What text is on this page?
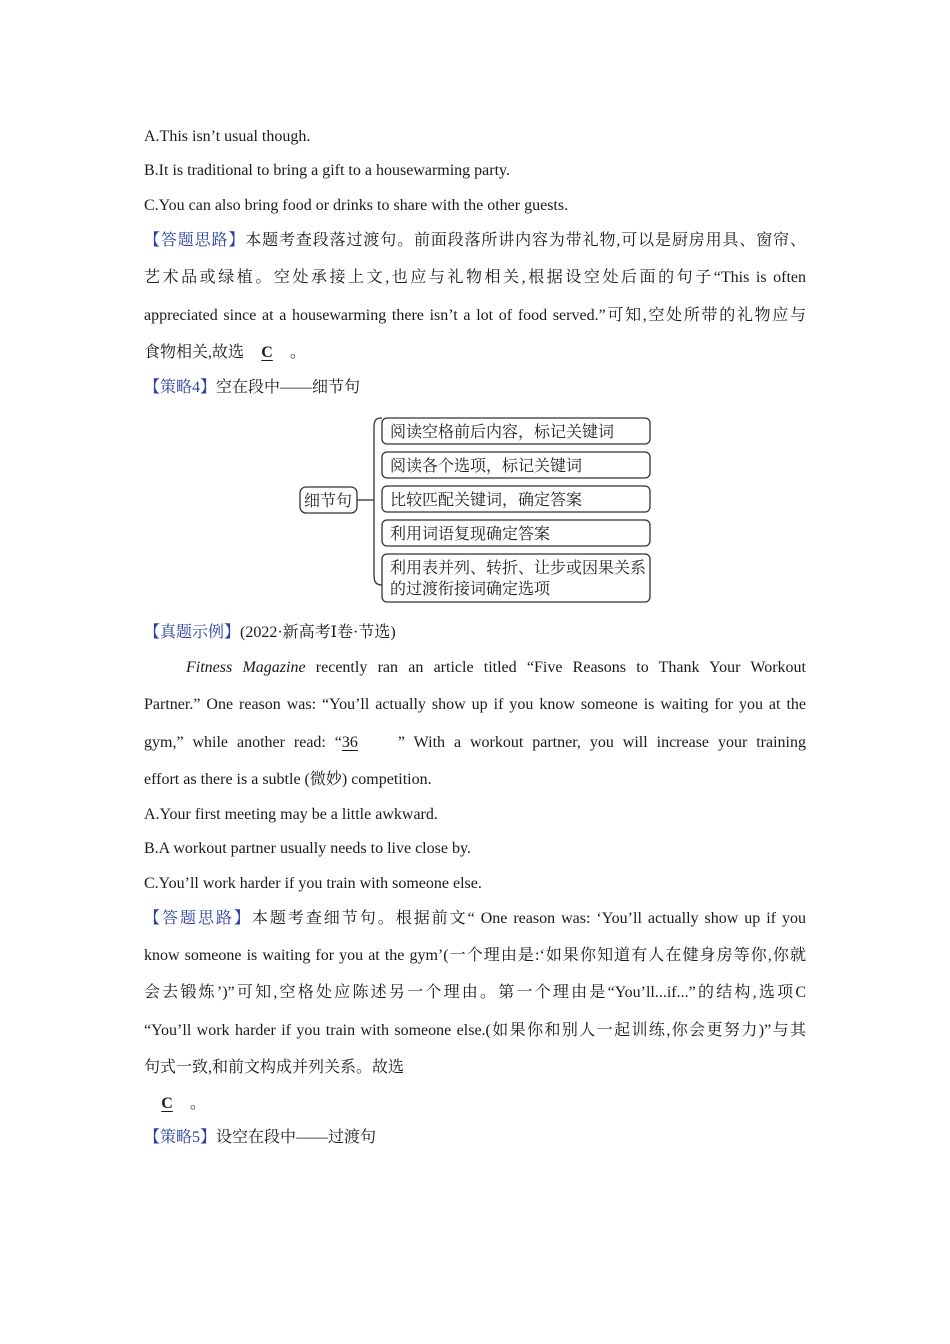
A.This isn’t usual though.
B.It is traditional to bring a gift to a housewarming party.
C.You can also bring food or drinks to share with the other guests.
【答题思路】本题考查段落过渡句。前面段落所讲内容为带礼物,可以是厨房用具、窗帘、
艺术品或绿植。空处承接上文,也应与礼物相关,根据设空处后面的句子“This is often
appreciated since at a housewarming there isn’t a lot of food served.”可知,空处所带的礼物应与
食物相关,故选 C 。
【策略4】空在段中——细节句
细节句
阅读空格前后内容，标记关键词
阅读各个选项，标记关键词
比较匹配关键词，确定答案
利用词语复现确定答案
利用表并列、转折、让步或因果关系
的过渡衔接词确定选项
【真题示例】(2022·新高考Ⅰ卷·节选)
Fitness Magazine recently ran an article titled “Five Reasons to Thank Your Workout
Partner.” One reason was: “You’ll actually show up if you know someone is waiting for you at the
gym,” while another read: “36	” With a workout partner, you will increase your training
effort as there is a subtle (微妙) competition.
A.Your first meeting may be a little awkward.
B.A workout partner usually needs to live close by.
C.You’ll work harder if you train with someone else.
【答题思路】本题考查细节句。根据前文“ One reason was: ‘You’ll actually show up if you
know someone is waiting for you at the gym’(一个理由是:‘如果你知道有人在健身房等你,你就
会去锻炼’)”可知,空格处应陈述另一个理由。第一个理由是“You’ll...if...”的结构,选项C
“You’ll work harder if you train with someone else.(如果你和别人一起训练,你会更努力)”与其
句式一致,和前文构成并列关系。故选
C 。
【策略5】设空在段中——过渡句
